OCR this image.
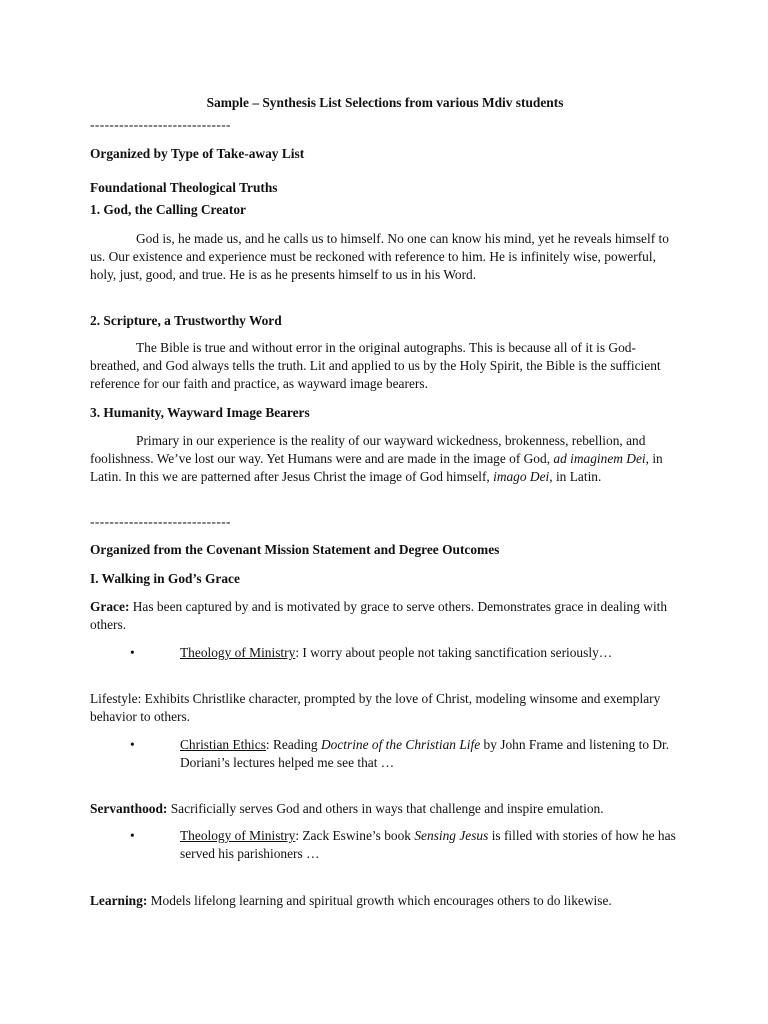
Sample – Synthesis List Selections from various Mdiv students

-----------------------------

Organized by Type of Take-away List

Foundational Theological Truths

1. God, the Calling Creator

God is, he made us, and he calls us to himself. No one can know his mind, yet he reveals himself to us. Our existence and experience must be reckoned with reference to him. He is infinitely wise, powerful, holy, just, good, and true. He is as he presents himself to us in his Word.

2. Scripture, a Trustworthy Word

The Bible is true and without error in the original autographs. This is because all of it is God-breathed, and God always tells the truth. Lit and applied to us by the Holy Spirit, the Bible is the sufficient reference for our faith and practice, as wayward image bearers.

3. Humanity, Wayward Image Bearers

Primary in our experience is the reality of our wayward wickedness, brokenness, rebellion, and foolishness. We’ve lost our way. Yet Humans were and are made in the image of God, ad imaginem Dei, in Latin. In this we are patterned after Jesus Christ the image of God himself, imago Dei, in Latin.

-----------------------------

Organized from the Covenant Mission Statement and Degree Outcomes

I. Walking in God’s Grace

Grace: Has been captured by and is motivated by grace to serve others. Demonstrates grace in dealing with others.

•	Theology of Ministry: I worry about people not taking sanctification seriously…

Lifestyle: Exhibits Christlike character, prompted by the love of Christ, modeling winsome and exemplary behavior to others.

•	Christian Ethics: Reading Doctrine of the Christian Life by John Frame and listening to Dr. Doriani’s lectures helped me see that …

Servanthood: Sacrificially serves God and others in ways that challenge and inspire emulation.

•	Theology of Ministry: Zack Eswine’s book Sensing Jesus is filled with stories of how he has served his parishioners …

Learning: Models lifelong learning and spiritual growth which encourages others to do likewise.
